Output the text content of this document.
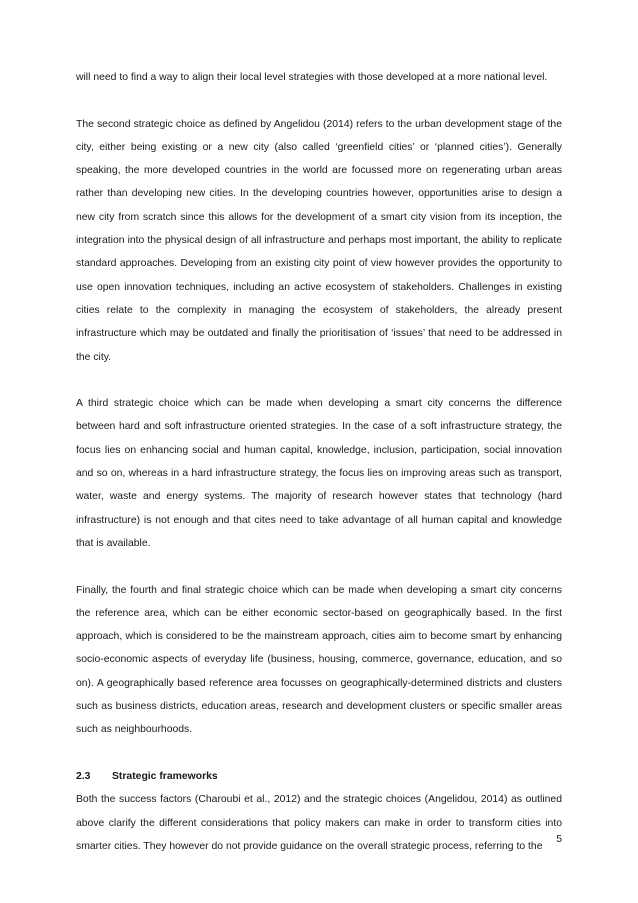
will need to find a way to align their local level strategies with those developed at a more national level.

The second strategic choice as defined by Angelidou (2014) refers to the urban development stage of the city, either being existing or a new city (also called ‘greenfield cities’ or ‘planned cities’). Generally speaking, the more developed countries in the world are focussed more on regenerating urban areas rather than developing new cities. In the developing countries however, opportunities arise to design a new city from scratch since this allows for the development of a smart city vision from its inception, the integration into the physical design of all infrastructure and perhaps most important, the ability to replicate standard approaches. Developing from an existing city point of view however provides the opportunity to use open innovation techniques, including an active ecosystem of stakeholders. Challenges in existing cities relate to the complexity in managing the ecosystem of stakeholders, the already present infrastructure which may be outdated and finally the prioritisation of ‘issues’ that need to be addressed in the city.

A third strategic choice which can be made when developing a smart city concerns the difference between hard and soft infrastructure oriented strategies. In the case of a soft infrastructure strategy, the focus lies on enhancing social and human capital, knowledge, inclusion, participation, social innovation and so on, whereas in a hard infrastructure strategy, the focus lies on improving areas such as transport, water, waste and energy systems. The majority of research however states that technology (hard infrastructure) is not enough and that cites need to take advantage of all human capital and knowledge that is available.

Finally, the fourth and final strategic choice which can be made when developing a smart city concerns the reference area, which can be either economic sector-based on geographically based. In the first approach, which is considered to be the mainstream approach, cities aim to become smart by enhancing socio-economic aspects of everyday life (business, housing, commerce, governance, education, and so on). A geographically based reference area focusses on geographically-determined districts and clusters such as business districts, education areas, research and development clusters or specific smaller areas such as neighbourhoods.

2.3	Strategic frameworks

Both the success factors (Charoubi et al., 2012) and the strategic choices (Angelidou, 2014) as outlined above clarify the different considerations that policy makers can make in order to transform cities into smarter cities. They however do not provide guidance on the overall strategic process, referring to the

5
